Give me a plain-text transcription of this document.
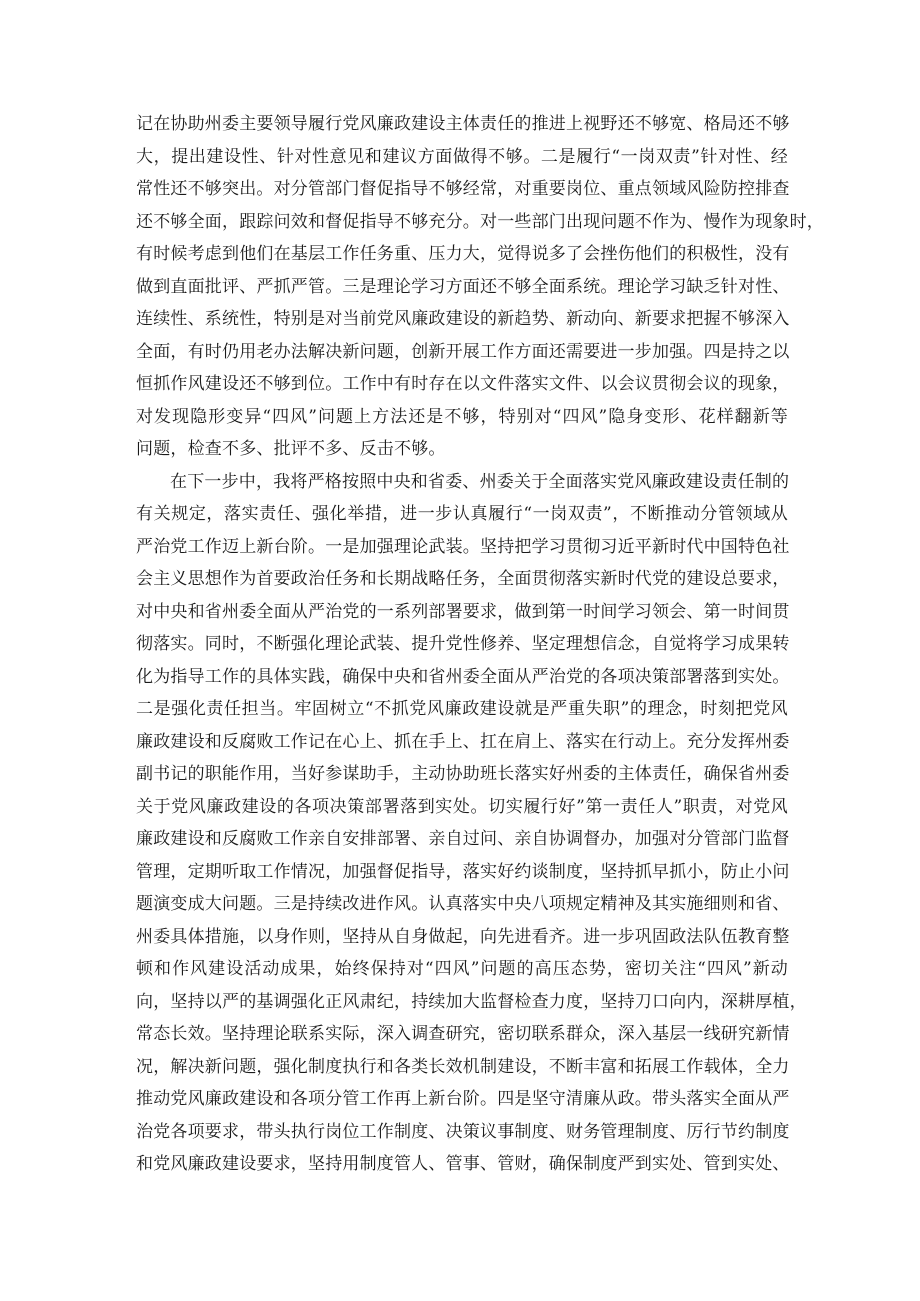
记在协助州委主要领导履行党风廉政建设主体责任的推进上视野还不够宽、格局还不够
大，提出建设性、针对性意见和建议方面做得不够。二是履行“一岗双责”针对性、经
常性还不够突出。对分管部门督促指导不够经常，对重要岗位、重点领域风险防控排查
还不够全面，跟踪问效和督促指导不够充分。对一些部门出现问题不作为、慢作为现象时，
有时候考虑到他们在基层工作任务重、压力大，觉得说多了会挫伤他们的积极性，没有
做到直面批评、严抓严管。三是理论学习方面还不够全面系统。理论学习缺乏针对性、
连续性、系统性，特别是对当前党风廉政建设的新趋势、新动向、新要求把握不够深入
全面，有时仍用老办法解决新问题，创新开展工作方面还需要进一步加强。四是持之以
恒抓作风建设还不够到位。工作中有时存在以文件落实文件、以会议贯彻会议的现象，
对发现隐形变异“四风”问题上方法还是不够，特别对“四风”隐身变形、花样翻新等
问题，检查不多、批评不多、反击不够。
在下一步中，我将严格按照中央和省委、州委关于全面落实党风廉政建设责任制的
有关规定，落实责任、强化举措，进一步认真履行“一岗双责”，不断推动分管领域从
严治党工作迈上新台阶。一是加强理论武装。坚持把学习贯彻习近平新时代中国特色社
会主义思想作为首要政治任务和长期战略任务，全面贯彻落实新时代党的建设总要求，
对中央和省州委全面从严治党的一系列部署要求，做到第一时间学习领会、第一时间贯
彻落实。同时，不断强化理论武装、提升党性修养、坚定理想信念，自觉将学习成果转
化为指导工作的具体实践，确保中央和省州委全面从严治党的各项决策部署落到实处。
二是强化责任担当。牢固树立“不抓党风廉政建设就是严重失职”的理念，时刻把党风
廉政建设和反腐败工作记在心上、抓在手上、扛在肩上、落实在行动上。充分发挥州委
副书记的职能作用，当好参谋助手，主动协助班长落实好州委的主体责任，确保省州委
关于党风廉政建设的各项决策部署落到实处。切实履行好”第一责任人”职责，对党风
廉政建设和反腐败工作亲自安排部署、亲自过问、亲自协调督办，加强对分管部门监督
管理，定期听取工作情况，加强督促指导，落实好约谈制度，坚持抓早抓小，防止小问
题演变成大问题。三是持续改进作风。认真落实中央八项规定精神及其实施细则和省、
州委具体措施，以身作则，坚持从自身做起，向先进看齐。进一步巩固政法队伍教育整
顿和作风建设活动成果，始终保持对“四风”问题的高压态势，密切关注“四风”新动
向，坚持以严的基调强化正风肃纪，持续加大监督检查力度，坚持刀口向内，深耕厚植，
常态长效。坚持理论联系实际，深入调查研究，密切联系群众，深入基层一线研究新情
况，解决新问题，强化制度执行和各类长效机制建设，不断丰富和拓展工作载体，全力
推动党风廉政建设和各项分管工作再上新台阶。四是坚守清廉从政。带头落实全面从严
治党各项要求，带头执行岗位工作制度、决策议事制度、财务管理制度、厉行节约制度
和党风廉政建设要求，坚持用制度管人、管事、管财，确保制度严到实处、管到实处、
